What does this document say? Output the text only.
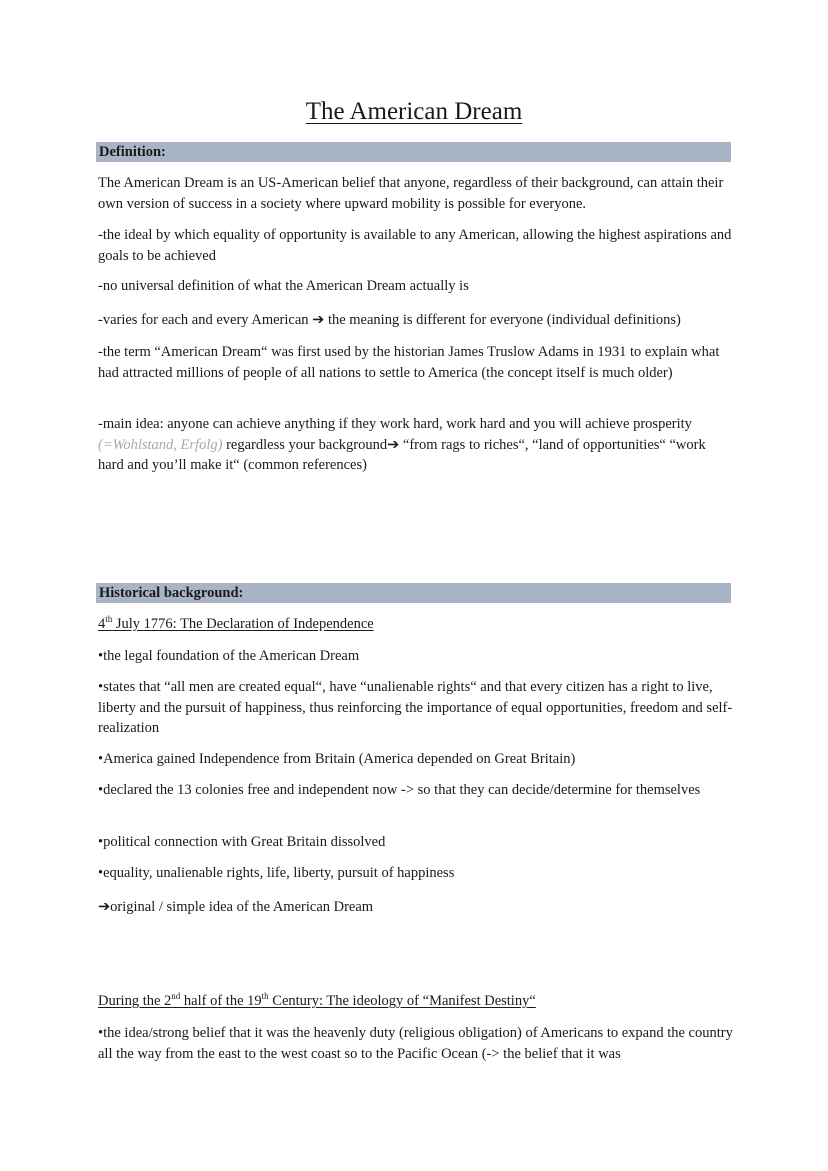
The American Dream
Definition:

The American Dream is an US-American belief that anyone, regardless of their background, can attain their own version of success in a society where upward mobility is possible for everyone.

-the ideal by which equality of opportunity is available to any American, allowing the highest aspirations and goals to be achieved

-no universal definition of what the American Dream actually is

-varies for each and every American ➔ the meaning is different for everyone (individual definitions)

-the term “American Dream“ was first used by the historian James Truslow Adams in 1931 to explain what had attracted millions of people of all nations to settle to America (the concept itself is much older)

-main idea: anyone can achieve anything if they work hard, work hard and you will achieve prosperity (=Wohlstand, Erfolg) regardless your background➔ “from rags to riches“, “land of opportunities“ “work hard and you’ll make it“ (common references)

Historical background:

4th July 1776: The Declaration of Independence

•the legal foundation of the American Dream

•states that “all men are created equal“, have “unalienable rights“ and that every citizen has a right to live, liberty and the pursuit of happiness, thus reinforcing the importance of equal opportunities, freedom and self-realization

•America gained Independence from Britain (America depended on Great Britain)

•declared the 13 colonies free and independent now -> so that they can decide/determine for themselves

•political connection with Great Britain dissolved

•equality, unalienable rights, life, liberty, pursuit of happiness

➔original / simple idea of the American Dream

During the 2nd half of the 19th Century: The ideology of “Manifest Destiny“

•the idea/strong belief that it was the heavenly duty (religious obligation) of Americans to expand the country all the way from the east to the west coast so to the Pacific Ocean (-> the belief that it was
